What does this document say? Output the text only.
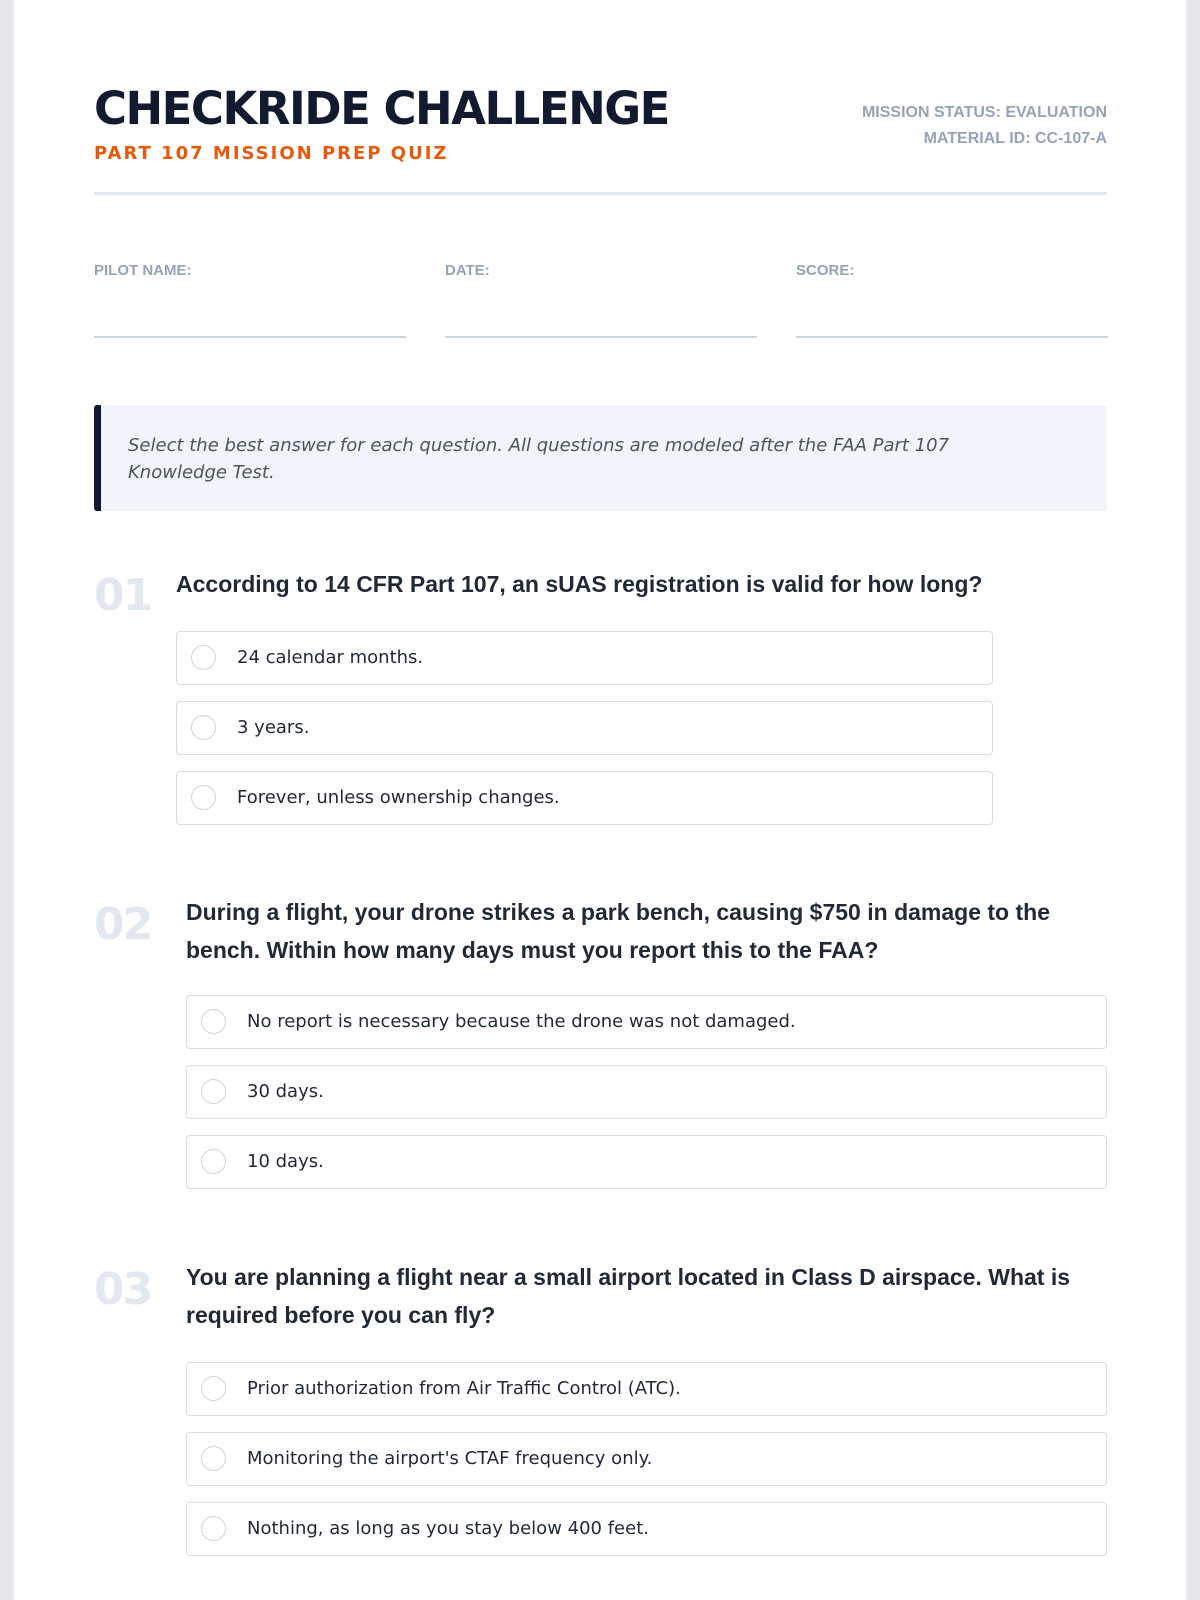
CHECKRIDE CHALLENGE
PART 107 MISSION PREP QUIZ
MISSION STATUS: EVALUATION
MATERIAL ID: CC-107-A
PILOT NAME:	DATE:	SCORE:
Select the best answer for each question. All questions are modeled after the FAA Part 107 Knowledge Test.
01 According to 14 CFR Part 107, an sUAS registration is valid for how long?
24 calendar months.
3 years.
Forever, unless ownership changes.
02 During a flight, your drone strikes a park bench, causing $750 in damage to the bench. Within how many days must you report this to the FAA?
No report is necessary because the drone was not damaged.
30 days.
10 days.
03 You are planning a flight near a small airport located in Class D airspace. What is required before you can fly?
Prior authorization from Air Traffic Control (ATC).
Monitoring the airport's CTAF frequency only.
Nothing, as long as you stay below 400 feet.
